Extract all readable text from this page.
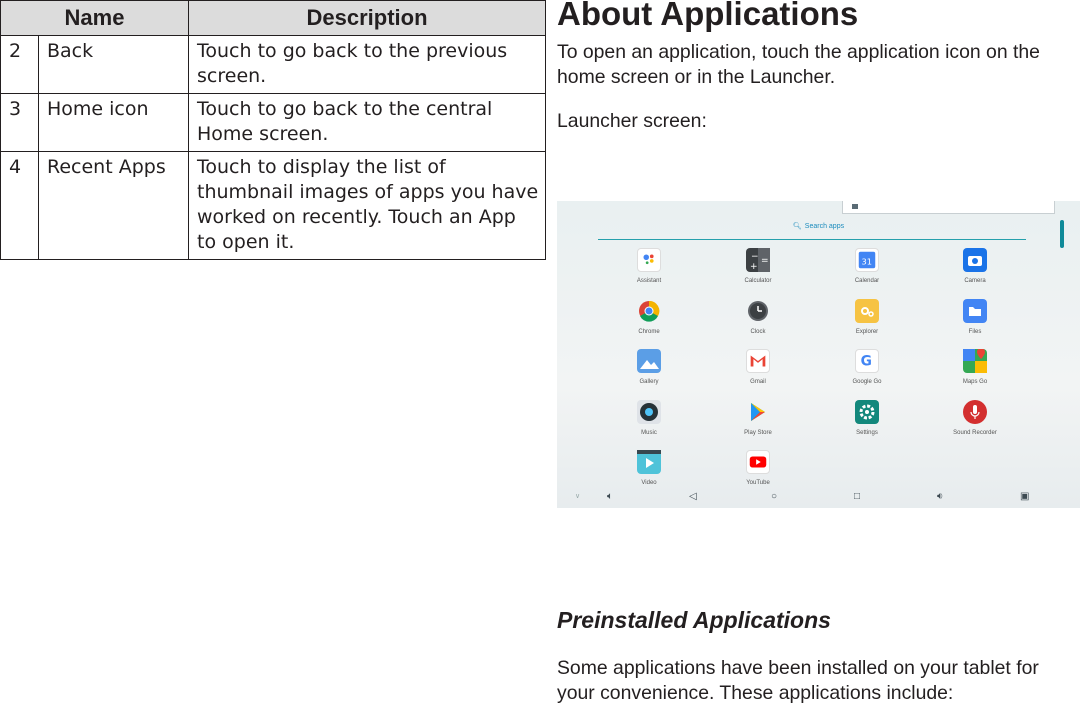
Name		Description
2	Back	Touch to go back to the previous screen.
3	Home icon	Touch to go back to the central Home screen.
4	Recent Apps	Touch to display the list of thumbnail images of apps you have worked on recently. Touch an App to open it.
About Applications

To open an application, touch the application icon on the home screen or in the Launcher.

Launcher screen:

🔍︎ Search apps
Assistant
−
+
=
Calculator
31
Calendar	Camera
Chrome	Clock	Explorer	Files
Gallery	Gmail
G
Google Go	Maps Go
Music	Play Store	Settings	Sound Recorder
Video	YouTube
∨	🔈︎	◁	○	□	🔉︎	▣
Preinstalled Applications

Some applications have been installed on your tablet for your convenience. These applications include:
